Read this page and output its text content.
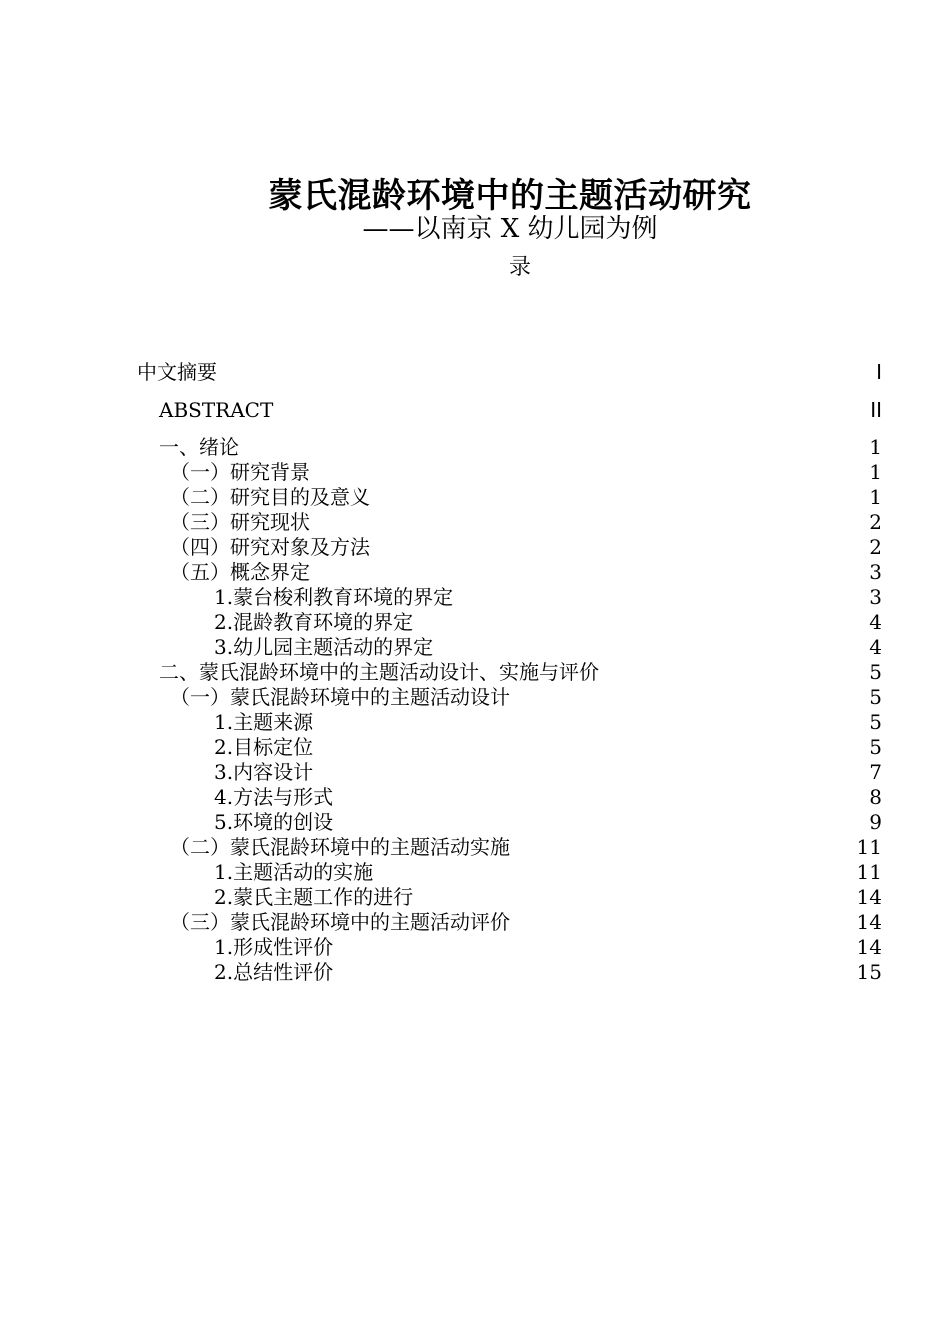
蒙氏混龄环境中的主题活动研究
——以南京 X 幼儿园为例
录
中文摘要	I
ABSTRACT	II
一、绪论	1
（一）研究背景	1
（二）研究目的及意义	1
（三）研究现状	2
（四）研究对象及方法	2
（五）概念界定	3
1.蒙台梭利教育环境的界定	3
2.混龄教育环境的界定	4
3.幼儿园主题活动的界定	4
二、蒙氏混龄环境中的主题活动设计、实施与评价	5
（一）蒙氏混龄环境中的主题活动设计	5
1.主题来源	5
2.目标定位	5
3.内容设计	7
4.方法与形式	8
5.环境的创设	9
（二）蒙氏混龄环境中的主题活动实施	11
1.主题活动的实施	11
2.蒙氏主题工作的进行	14
（三）蒙氏混龄环境中的主题活动评价	14
1.形成性评价	14
2.总结性评价	15
